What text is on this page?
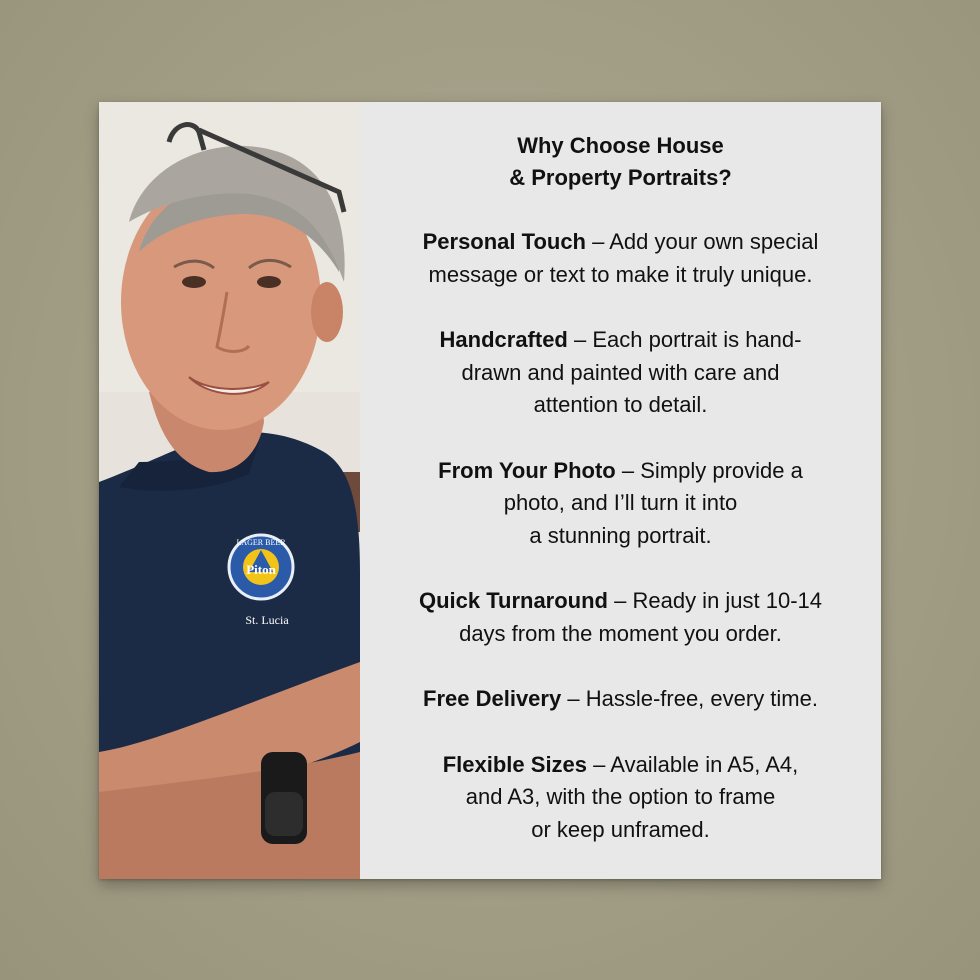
LAGER BEER
Piton
St. Lucia
Why Choose House
& Property Portraits?
Personal Touch – Add your own special
message or text to make it truly unique.
Handcrafted – Each portrait is hand-
drawn and painted with care and
attention to detail.
From Your Photo – Simply provide a
photo, and I’ll turn it into
a stunning portrait.
Quick Turnaround – Ready in just 10-14
days from the moment you order.
Free Delivery – Hassle-free, every time.
Flexible Sizes – Available in A5, A4,
and A3, with the option to frame
or keep unframed.
